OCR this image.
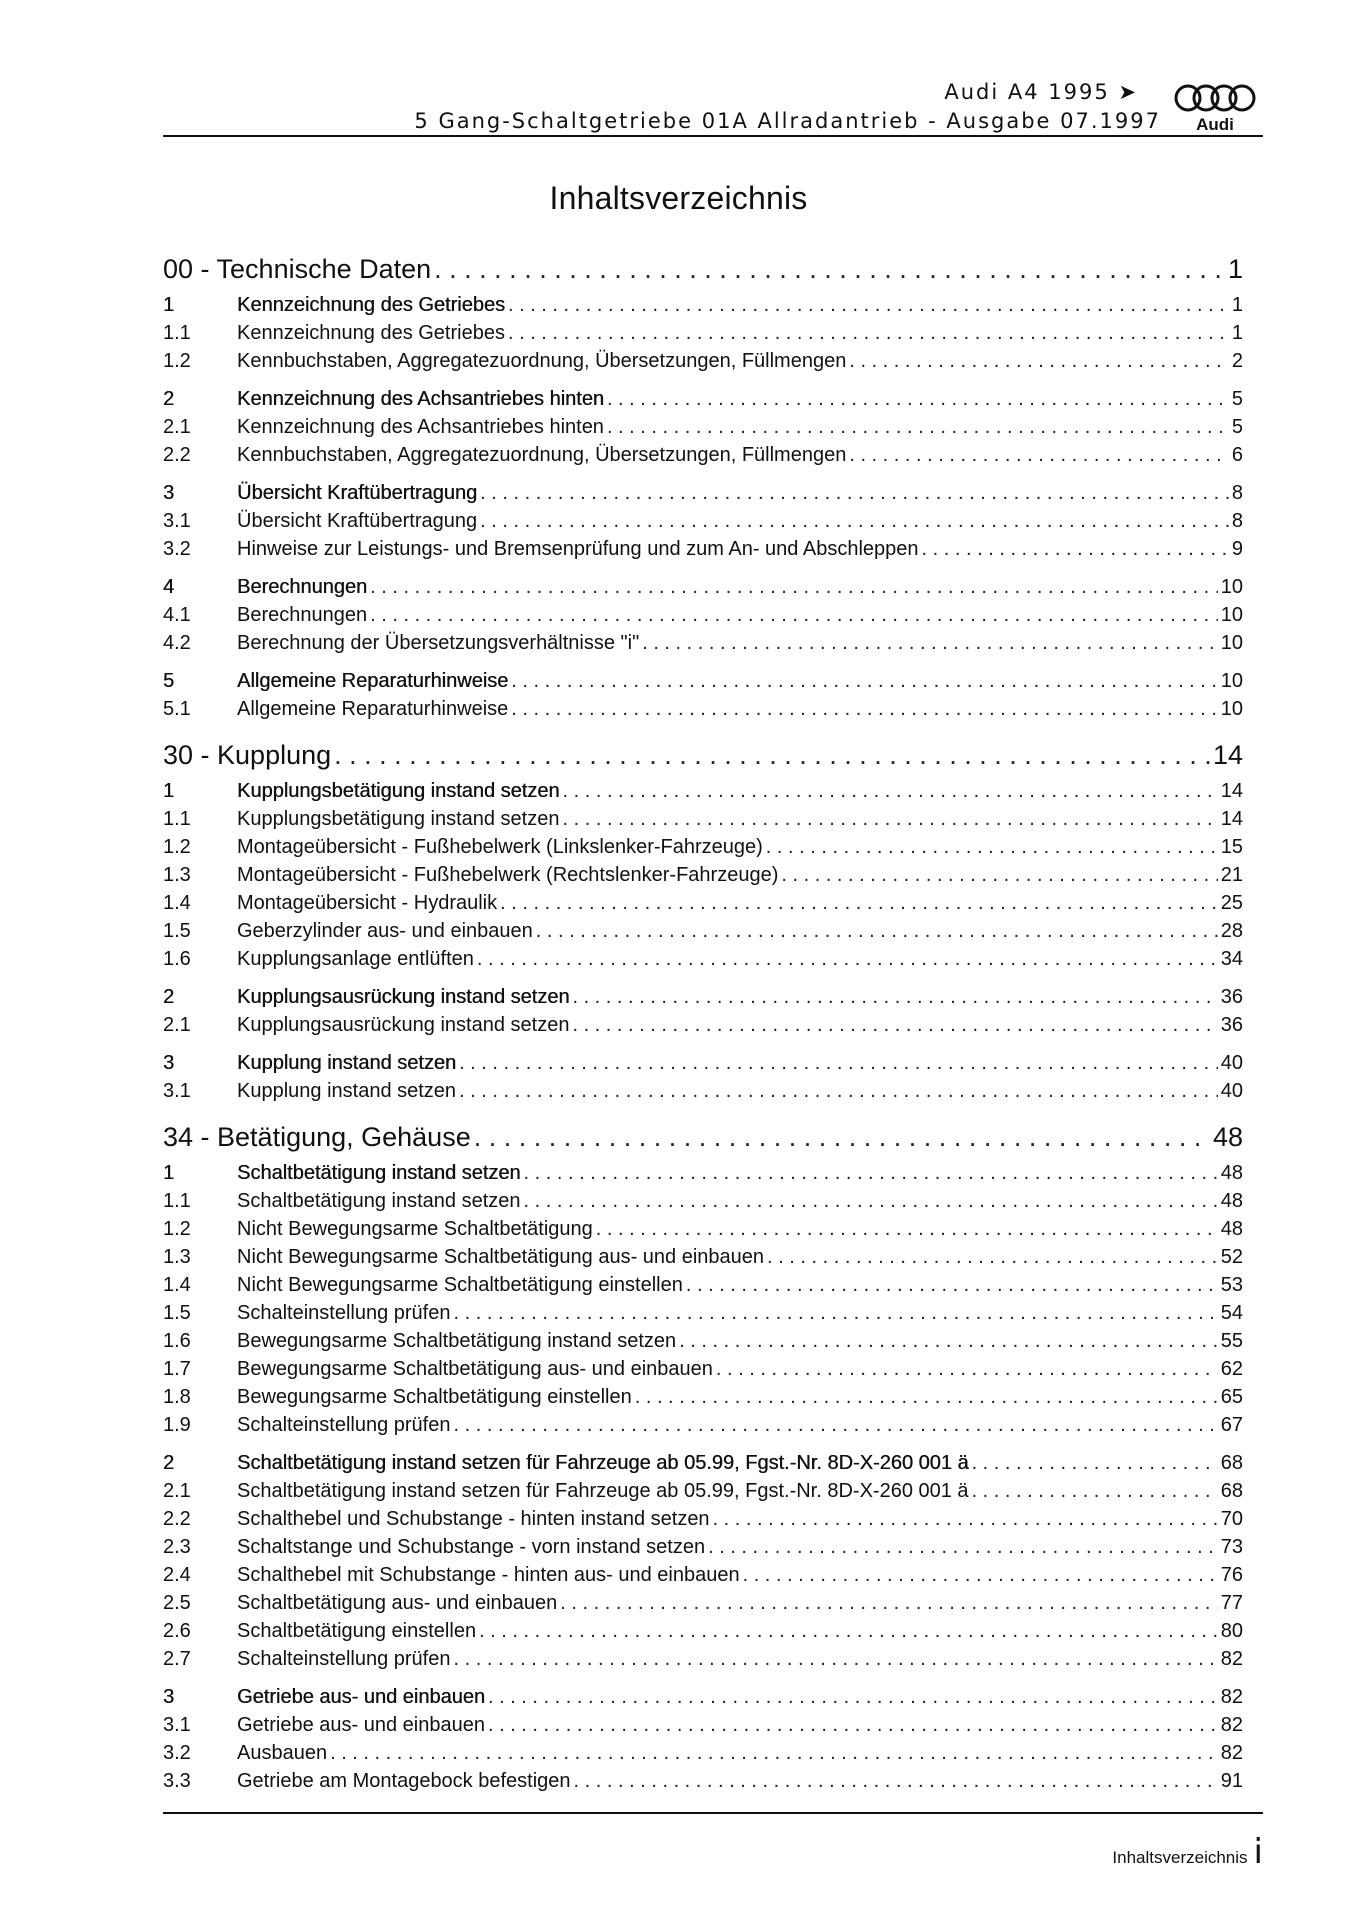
Audi A4 1995 ➤
5 Gang-Schaltgetriebe 01A Allradantrieb - Ausgabe 07.1997 Audi
Inhaltsverzeichnis
00 - Technische Daten . . .	1
1	Kennzeichnung des Getriebes . . .	1
1.1	Kennzeichnung des Getriebes . . .	1
1.2	Kennbuchstaben, Aggregatezuordnung, Übersetzungen, Füllmengen . . .	2
2	Kennzeichnung des Achsantriebes hinten . . .	5
2.1	Kennzeichnung des Achsantriebes hinten . . .	5
2.2	Kennbuchstaben, Aggregatezuordnung, Übersetzungen, Füllmengen . . .	6
3	Übersicht Kraftübertragung . . .	8
3.1	Übersicht Kraftübertragung . . .	8
3.2	Hinweise zur Leistungs- und Bremsenprüfung und zum An- und Abschleppen . . .	9
4	Berechnungen . . .	10
4.1	Berechnungen . . .	10
4.2	Berechnung der Übersetzungsverhältnisse "i" . . .	10
5	Allgemeine Reparaturhinweise . . .	10
5.1	Allgemeine Reparaturhinweise . . .	10
30 - Kupplung . . .	14
1	Kupplungsbetätigung instand setzen . . .	14
1.1	Kupplungsbetätigung instand setzen . . .	14
1.2	Montageübersicht - Fußhebelwerk (Linkslenker-Fahrzeuge) . . .	15
1.3	Montageübersicht - Fußhebelwerk (Rechtslenker-Fahrzeuge) . . .	21
1.4	Montageübersicht - Hydraulik . . .	25
1.5	Geberzylinder aus- und einbauen . . .	28
1.6	Kupplungsanlage entlüften . . .	34
2	Kupplungsausrückung instand setzen . . .	36
2.1	Kupplungsausrückung instand setzen . . .	36
3	Kupplung instand setzen . . .	40
3.1	Kupplung instand setzen . . .	40
34 - Betätigung, Gehäuse . . .	48
1	Schaltbetätigung instand setzen . . .	48
1.1	Schaltbetätigung instand setzen . . .	48
1.2	Nicht Bewegungsarme Schaltbetätigung . . .	48
1.3	Nicht Bewegungsarme Schaltbetätigung aus- und einbauen . . .	52
1.4	Nicht Bewegungsarme Schaltbetätigung einstellen . . .	53
1.5	Schalteinstellung prüfen . . .	54
1.6	Bewegungsarme Schaltbetätigung instand setzen . . .	55
1.7	Bewegungsarme Schaltbetätigung aus- und einbauen . . .	62
1.8	Bewegungsarme Schaltbetätigung einstellen . . .	65
1.9	Schalteinstellung prüfen . . .	67
2	Schaltbetätigung instand setzen für Fahrzeuge ab 05.99, Fgst.-Nr. 8D-X-260 001 ä . . .	68
2.1	Schaltbetätigung instand setzen für Fahrzeuge ab 05.99, Fgst.-Nr. 8D-X-260 001 ä . . .	68
2.2	Schalthebel und Schubstange - hinten instand setzen . . .	70
2.3	Schaltstange und Schubstange - vorn instand setzen . . .	73
2.4	Schalthebel mit Schubstange - hinten aus- und einbauen . . .	76
2.5	Schaltbetätigung aus- und einbauen . . .	77
2.6	Schaltbetätigung einstellen . . .	80
2.7	Schalteinstellung prüfen . . .	82
3	Getriebe aus- und einbauen . . .	82
3.1	Getriebe aus- und einbauen . . .	82
3.2	Ausbauen . . .	82
3.3	Getriebe am Montagebock befestigen . . .	91
Inhaltsverzeichnis i
